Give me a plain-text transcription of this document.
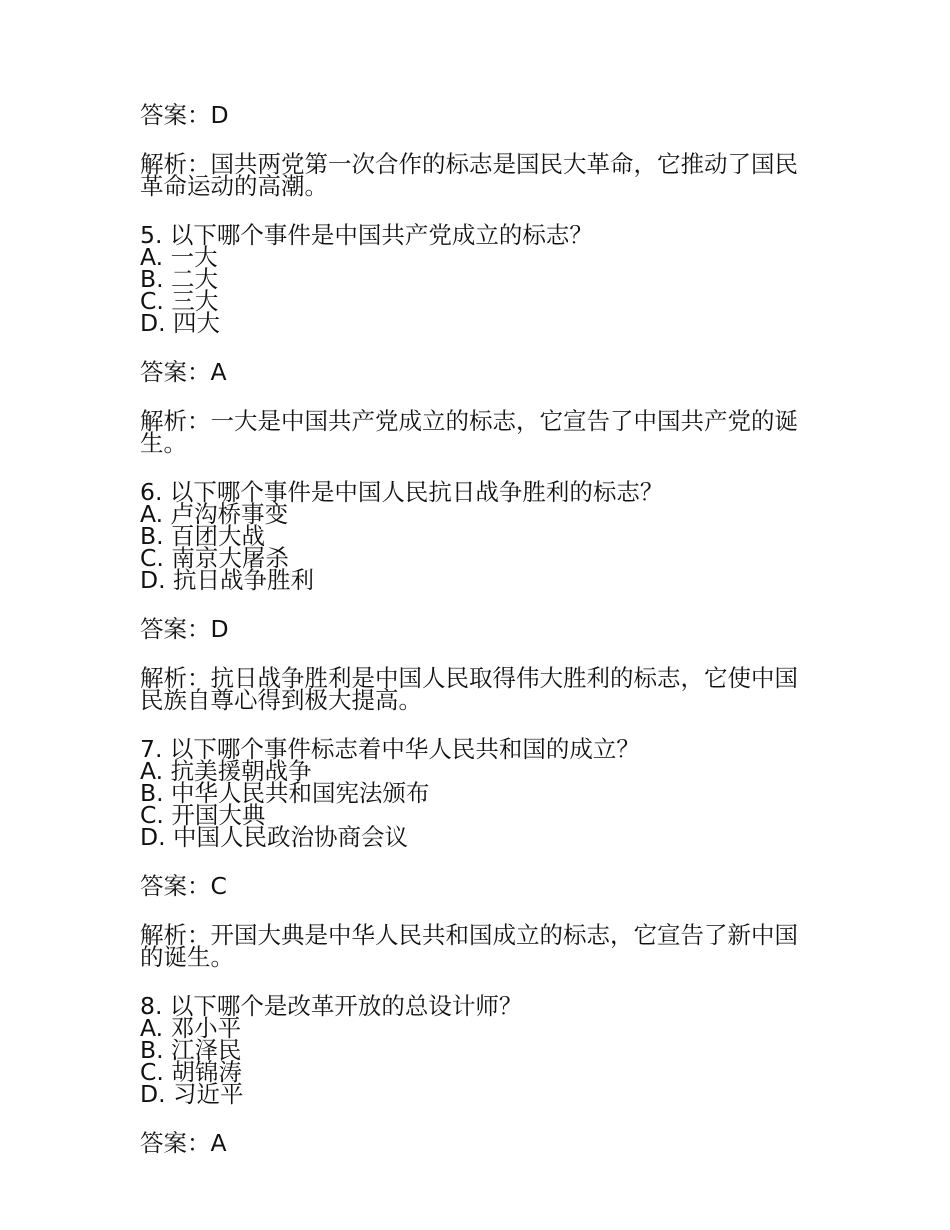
答案：D
解析：国共两党第一次合作的标志是国民大革命，它推动了国民革命运动的高潮。
5. 以下哪个事件是中国共产党成立的标志？
A. 一大
B. 二大
C. 三大
D. 四大
答案：A
解析：一大是中国共产党成立的标志，它宣告了中国共产党的诞生。
6. 以下哪个事件是中国人民抗日战争胜利的标志？
A. 卢沟桥事变
B. 百团大战
C. 南京大屠杀
D. 抗日战争胜利
答案：D
解析：抗日战争胜利是中国人民取得伟大胜利的标志，它使中国民族自尊心得到极大提高。
7. 以下哪个事件标志着中华人民共和国的成立？
A. 抗美援朝战争
B. 中华人民共和国宪法颁布
C. 开国大典
D. 中国人民政治协商会议
答案：C
解析：开国大典是中华人民共和国成立的标志，它宣告了新中国的诞生。
8. 以下哪个是改革开放的总设计师？
A. 邓小平
B. 江泽民
C. 胡锦涛
D. 习近平
答案：A
